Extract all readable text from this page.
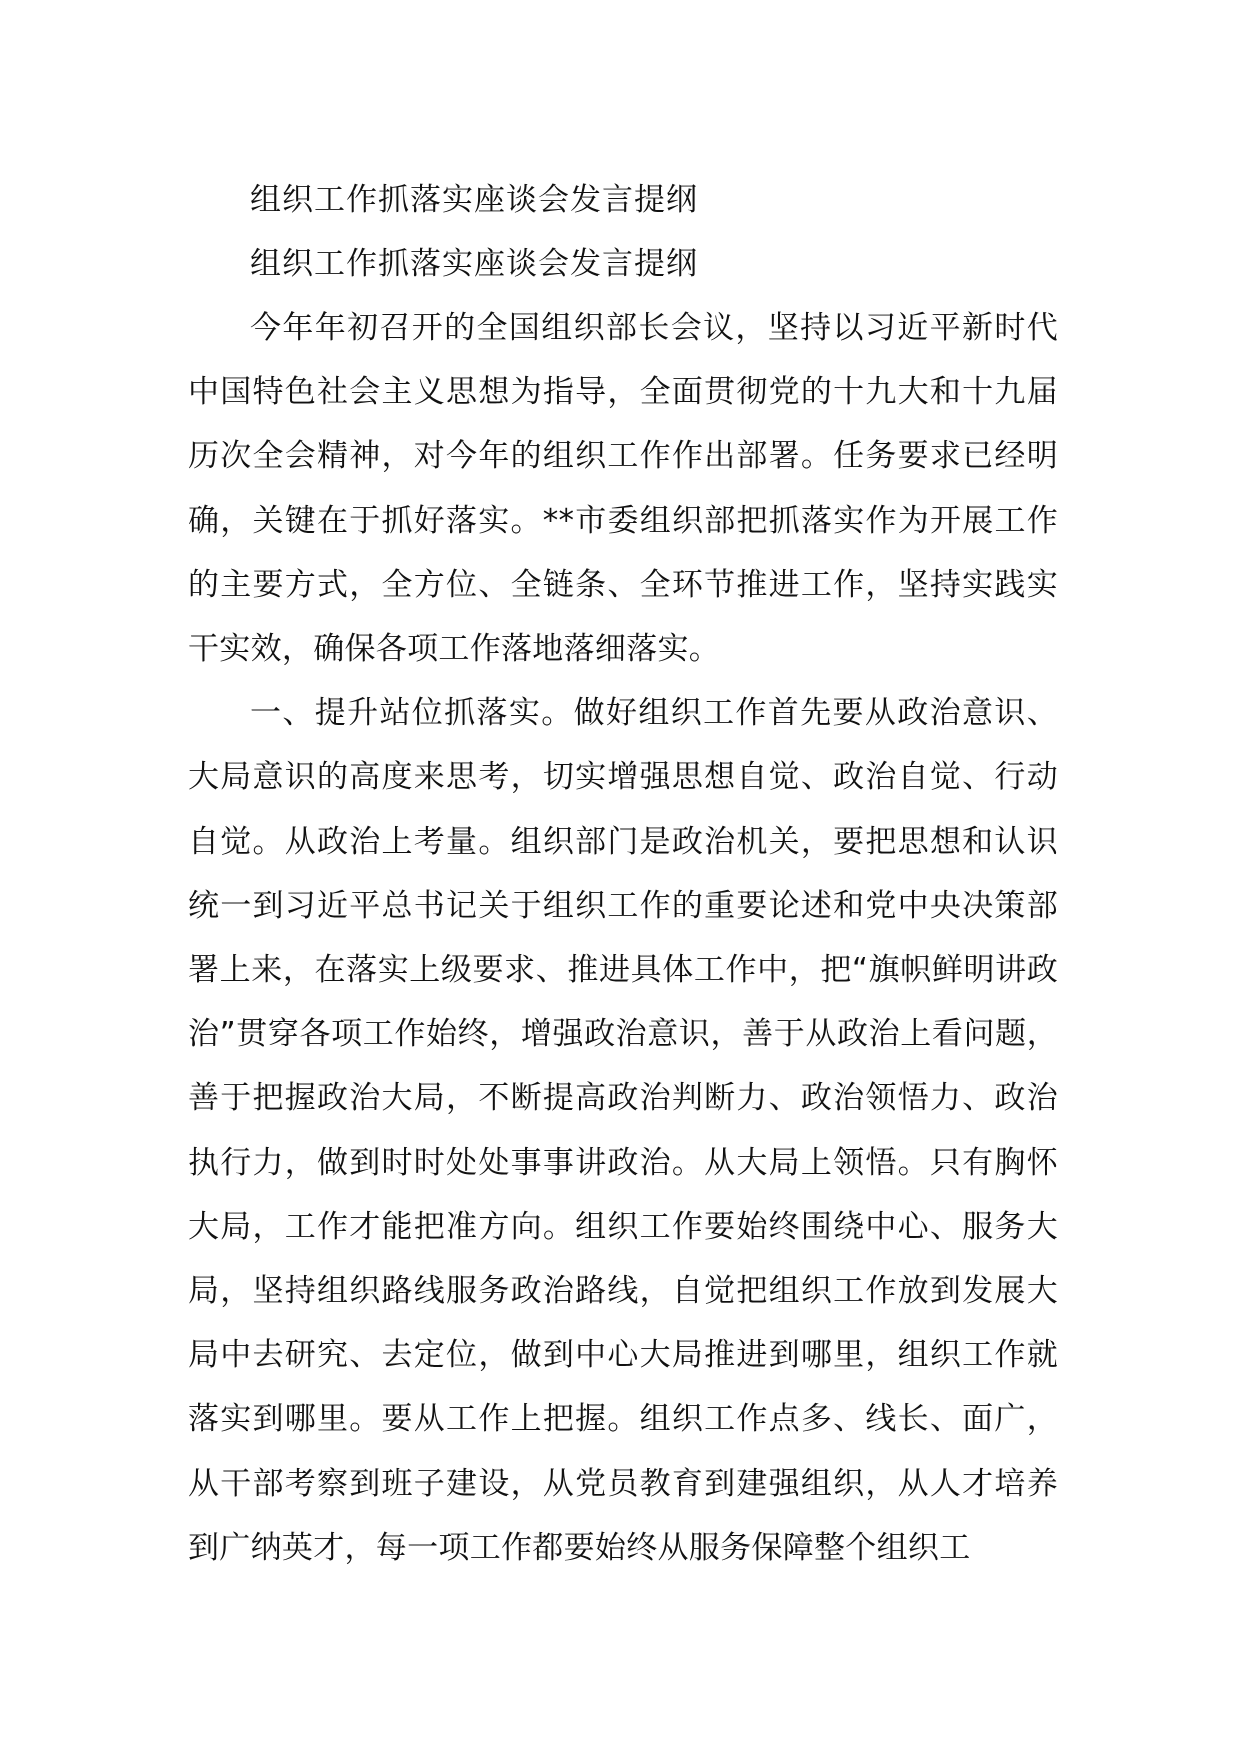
组织工作抓落实座谈会发言提纲

组织工作抓落实座谈会发言提纲

今年年初召开的全国组织部长会议，坚持以习近平新时代中国特色社会主义思想为指导，全面贯彻党的十九大和十九届历次全会精神，对今年的组织工作作出部署。任务要求已经明确，关键在于抓好落实。**市委组织部把抓落实作为开展工作的主要方式，全方位、全链条、全环节推进工作，坚持实践实干实效，确保各项工作落地落细落实。

一、提升站位抓落实。做好组织工作首先要从政治意识、大局意识的高度来思考，切实增强思想自觉、政治自觉、行动自觉。从政治上考量。组织部门是政治机关，要把思想和认识统一到习近平总书记关于组织工作的重要论述和党中央决策部署上来，在落实上级要求、推进具体工作中，把“旗帜鲜明讲政治”贯穿各项工作始终，增强政治意识，善于从政治上看问题，善于把握政治大局，不断提高政治判断力、政治领悟力、政治执行力，做到时时处处事事讲政治。从大局上领悟。只有胸怀大局，工作才能把准方向。组织工作要始终围绕中心、服务大局，坚持组织路线服务政治路线，自觉把组织工作放到发展大局中去研究、去定位，做到中心大局推进到哪里，组织工作就落实到哪里。要从工作上把握。组织工作点多、线长、面广，从干部考察到班子建设，从党员教育到建强组织，从人才培养到广纳英才，每一项工作都要始终从服务保障整个组织工
